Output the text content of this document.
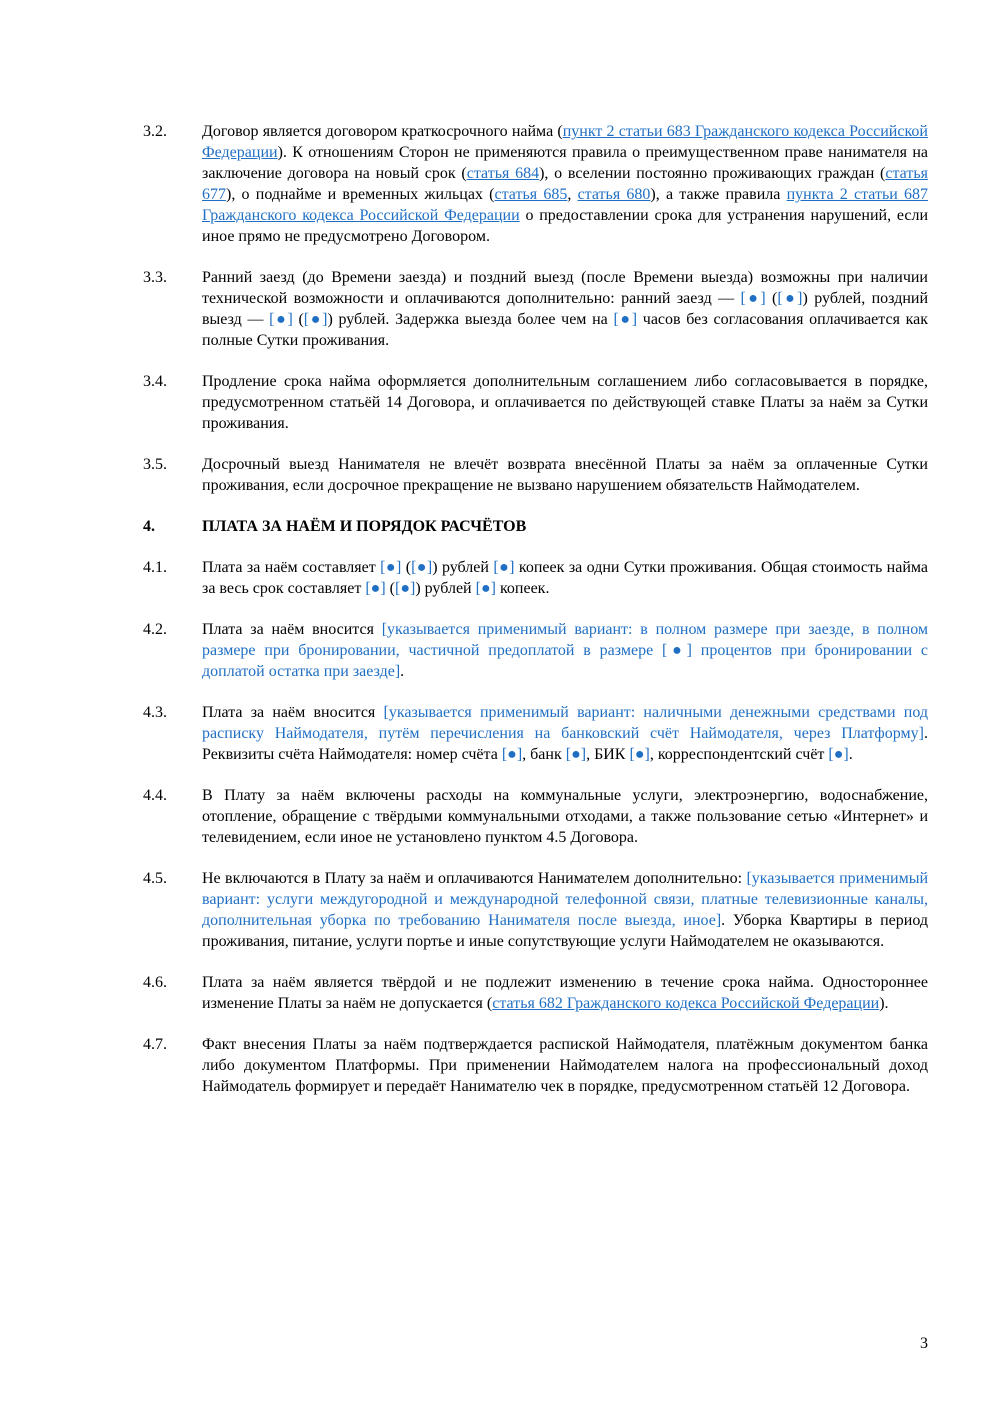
3.2.	Договор является договором краткосрочного найма (пункт 2 статьи 683 Гражданского кодекса Российской Федерации). К отношениям Сторон не применяются правила о преимущественном праве нанимателя на заключение договора на новый срок (статья 684), о вселении постоянно проживающих граждан (статья 677), о поднайме и временных жильцах (статья 685, статья 680), а также правила пункта 2 статьи 687 Гражданского кодекса Российской Федерации о предоставлении срока для устранения нарушений, если иное прямо не предусмотрено Договором.
3.3.	Ранний заезд (до Времени заезда) и поздний выезд (после Времени выезда) возможны при наличии технической возможности и оплачиваются дополнительно: ранний заезд — [●] ([●]) рублей, поздний выезд — [●] ([●]) рублей. Задержка выезда более чем на [●] часов без согласования оплачивается как полные Сутки проживания.
3.4.	Продление срока найма оформляется дополнительным соглашением либо согласовывается в порядке, предусмотренном статьёй 14 Договора, и оплачивается по действующей ставке Платы за наём за Сутки проживания.
3.5.	Досрочный выезд Нанимателя не влечёт возврата внесённой Платы за наём за оплаченные Сутки проживания, если досрочное прекращение не вызвано нарушением обязательств Наймодателем.
4.	ПЛАТА ЗА НАЁМ И ПОРЯДОК РАСЧЁТОВ
4.1.	Плата за наём составляет [●] ([●]) рублей [●] копеек за одни Сутки проживания. Общая стоимость найма за весь срок составляет [●] ([●]) рублей [●] копеек.
4.2.	Плата за наём вносится [указывается применимый вариант: в полном размере при заезде, в полном размере при бронировании, частичной предоплатой в размере [●] процентов при бронировании с доплатой остатка при заезде].
4.3.	Плата за наём вносится [указывается применимый вариант: наличными денежными средствами под расписку Наймодателя, путём перечисления на банковский счёт Наймодателя, через Платформу]. Реквизиты счёта Наймодателя: номер счёта [●], банк [●], БИК [●], корреспондентский счёт [●].
4.4.	В Плату за наём включены расходы на коммунальные услуги, электроэнергию, водоснабжение, отопление, обращение с твёрдыми коммунальными отходами, а также пользование сетью «Интернет» и телевидением, если иное не установлено пунктом 4.5 Договора.
4.5.	Не включаются в Плату за наём и оплачиваются Нанимателем дополнительно: [указывается применимый вариант: услуги междугородной и международной телефонной связи, платные телевизионные каналы, дополнительная уборка по требованию Нанимателя после выезда, иное]. Уборка Квартиры в период проживания, питание, услуги портье и иные сопутствующие услуги Наймодателем не оказываются.
4.6.	Плата за наём является твёрдой и не подлежит изменению в течение срока найма. Одностороннее изменение Платы за наём не допускается (статья 682 Гражданского кодекса Российской Федерации).
4.7.	Факт внесения Платы за наём подтверждается распиской Наймодателя, платёжным документом банка либо документом Платформы. При применении Наймодателем налога на профессиональный доход Наймодатель формирует и передаёт Нанимателю чек в порядке, предусмотренном статьёй 12 Договора.
3
